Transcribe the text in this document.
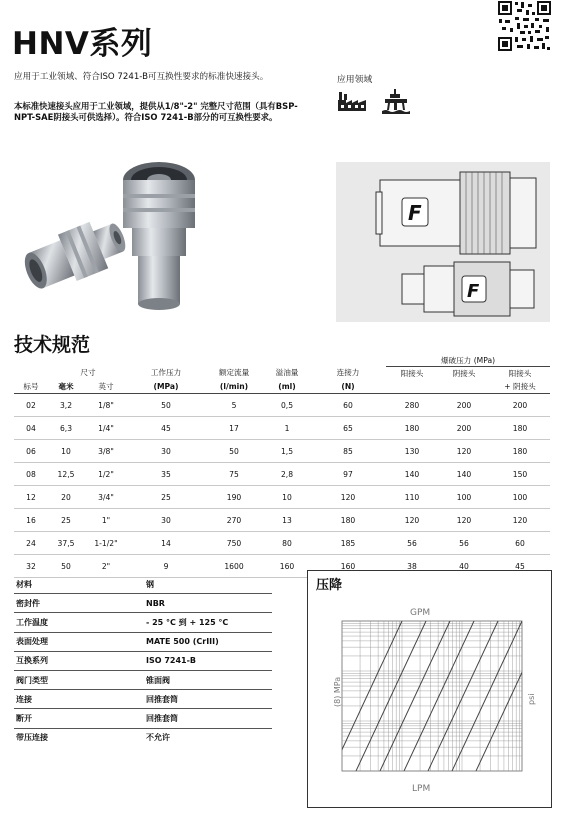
HNV系列
应用于工业领域、符合ISO 7241-B可互换性要求的标准快速接头。
本标准快速接头应用于工业领域，提供从1/8"-2" 完整尺寸范围（具有BSP-NPT-SAE阴接头可供选择）。符合ISO 7241-B部分的可互换性要求。
应用领域
F
F
技术规范
							爆破压力 (MPa)		
	尺寸		工作压力	额定流量	溢油量	连接力	阳接头	阴接头	阳接头
标号	毫米	英寸	(MPa)	(l/min)	(ml)	(N)			+ 阴接头
02	3,2	1/8"	50	5	0,5	60	280	200	200
04	6,3	1/4"	45	17	1	65	180	200	180
06	10	3/8"	30	50	1,5	85	130	120	180
08	12,5	1/2"	35	75	2,8	97	140	140	150
12	20	3/4"	25	190	10	120	110	100	100
16	25	1"	30	270	13	180	120	120	120
24	37,5	1-1/2"	14	750	80	185	56	56	60
32	50	2"	9	1600	160	160	38	40	45
材料	钢
密封件	NBR
工作温度	- 25 °C 到 + 125 °C
表面处理	MATE 500 (CrIII)
互换系列	ISO 7241-B
阀门类型	锥面阀
连接	回推套筒
断开	回推套筒
带压连接	不允许
压降
GPM
LPM
(8) MPa	psi
